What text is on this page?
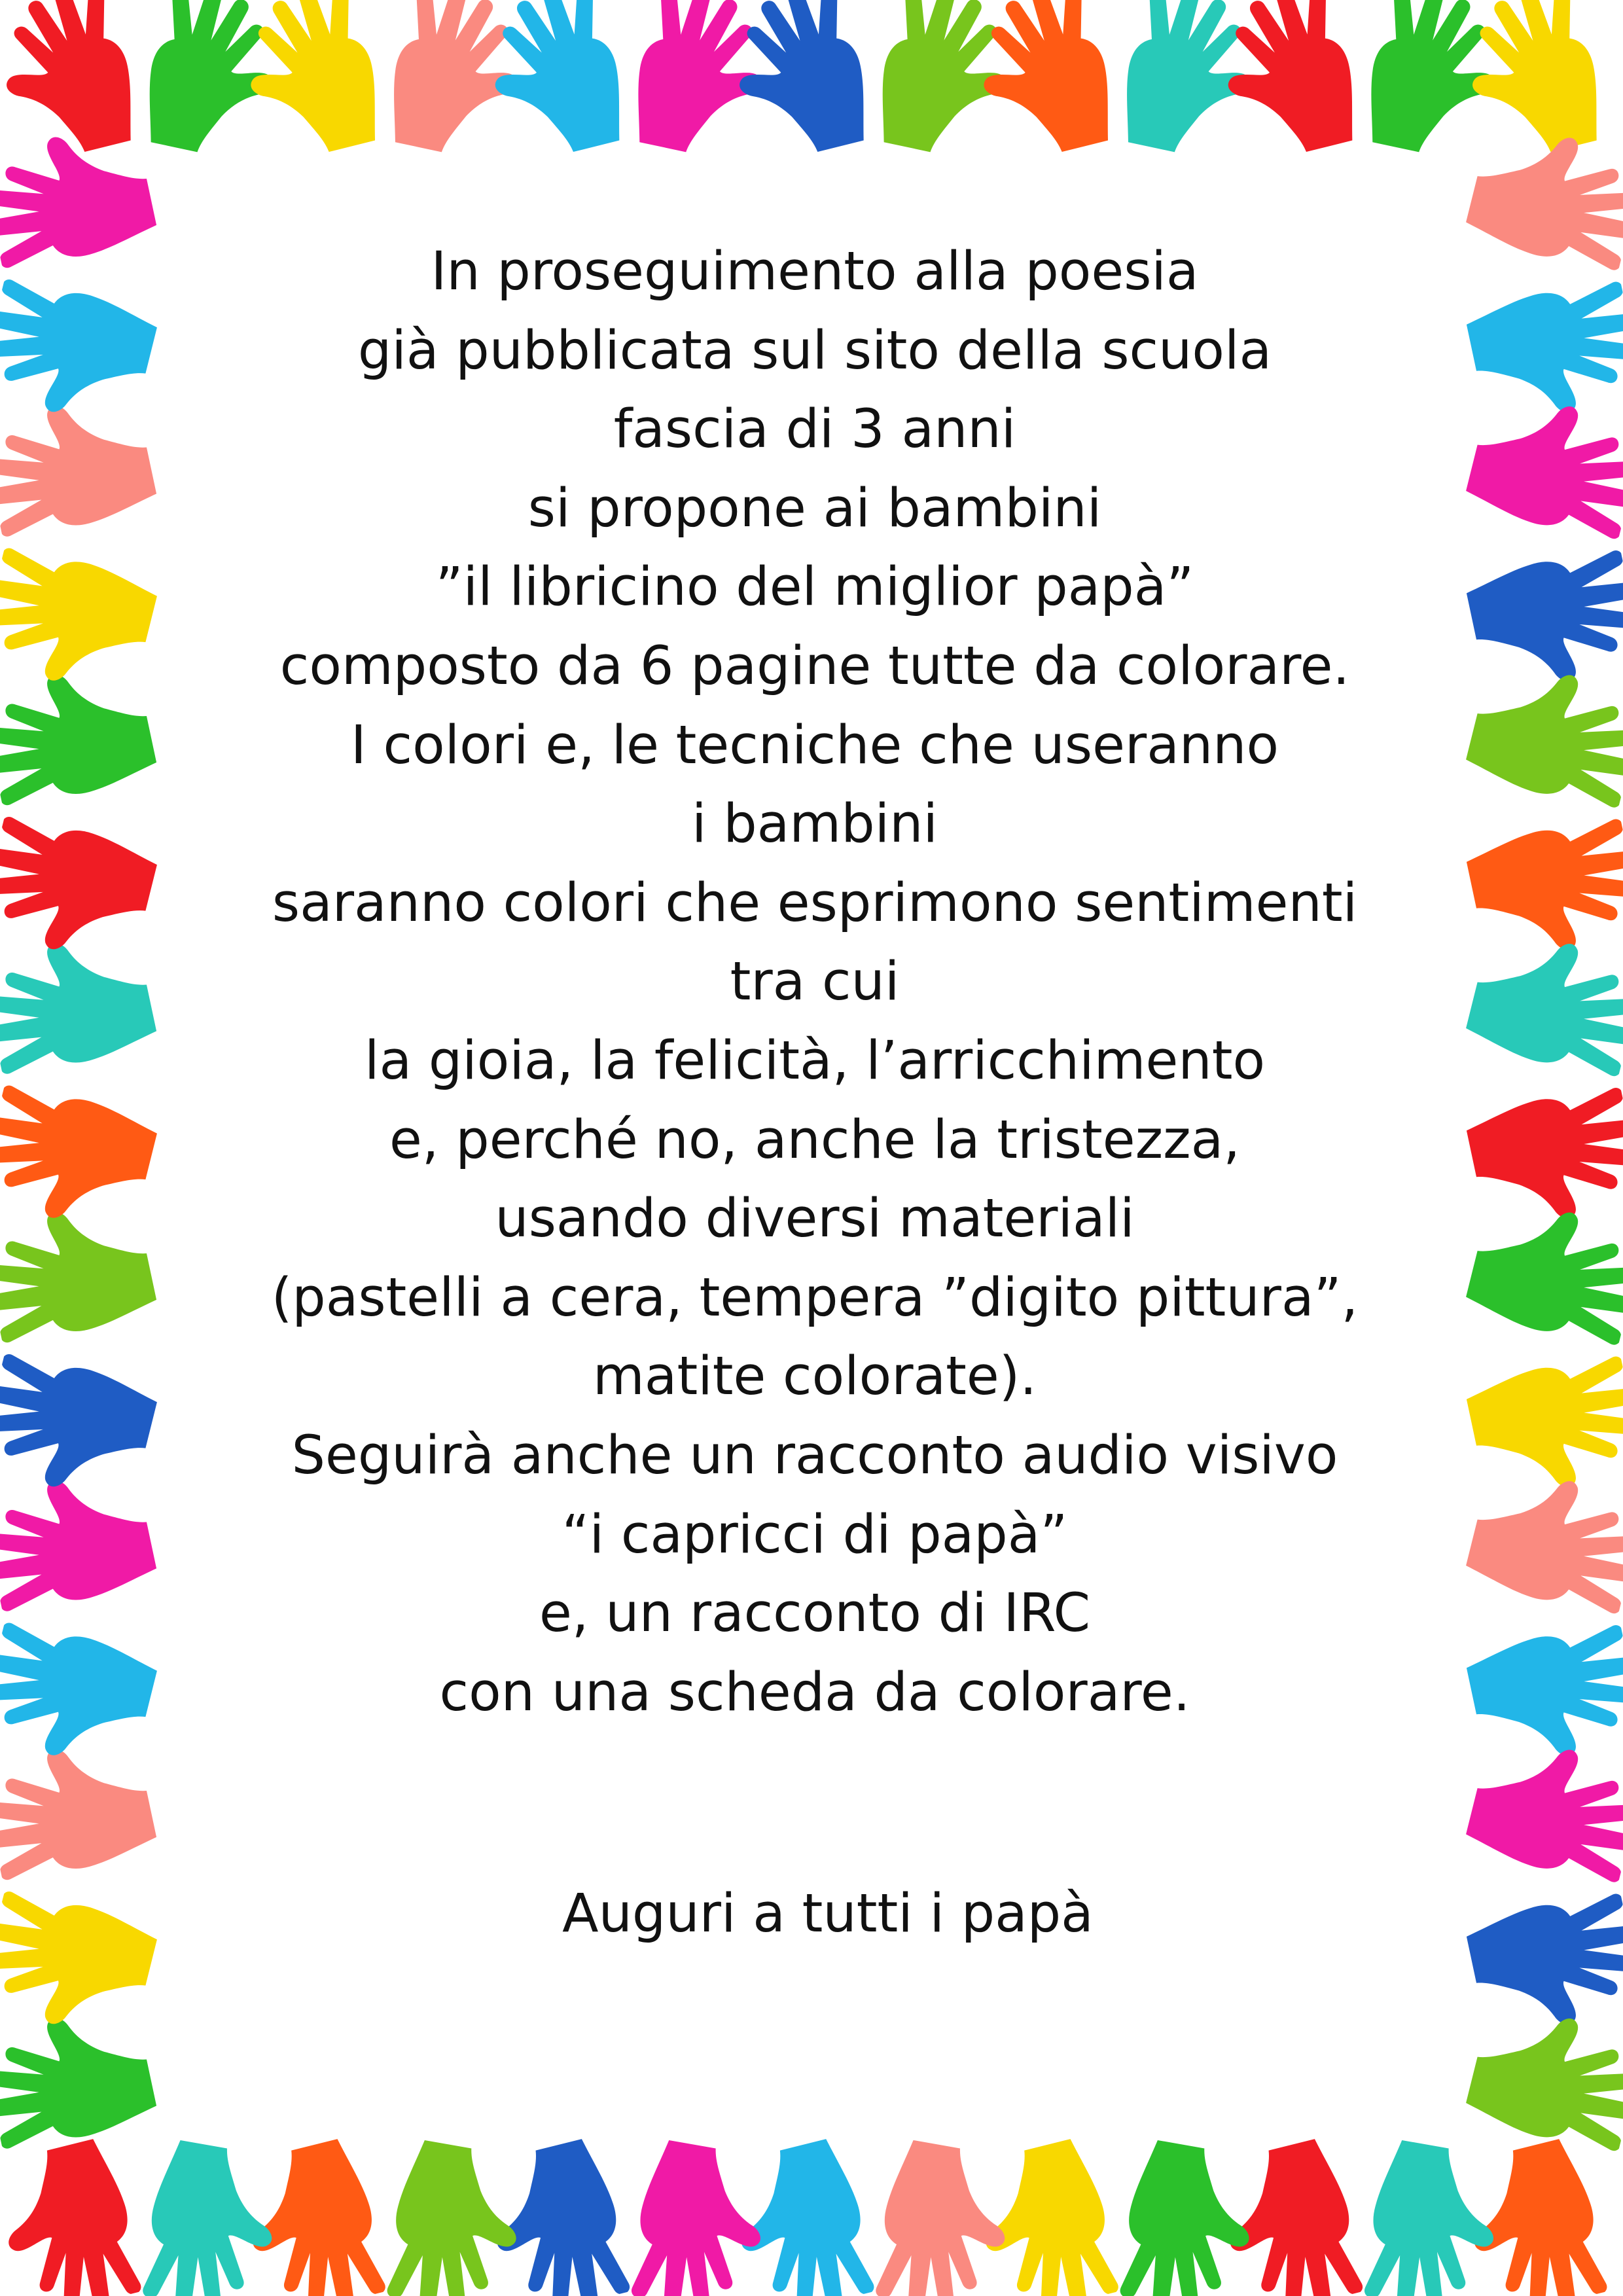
In proseguimento alla poesia
già pubblicata sul sito della scuola
fascia di 3 anni
si propone ai bambini
”il libricino del miglior papà”
composto da 6 pagine tutte da colorare.
I colori e, le tecniche che useranno
i bambini
saranno colori che esprimono sentimenti
tra cui
la gioia, la felicità, l’arricchimento
e, perché no, anche la tristezza,
usando diversi materiali
(pastelli a cera, tempera ”digito pittura”,
matite colorate).
Seguirà anche un racconto audio visivo
“i capricci di papà”
e, un racconto di IRC
con una scheda da colorare.
Auguri a tutti i papà
